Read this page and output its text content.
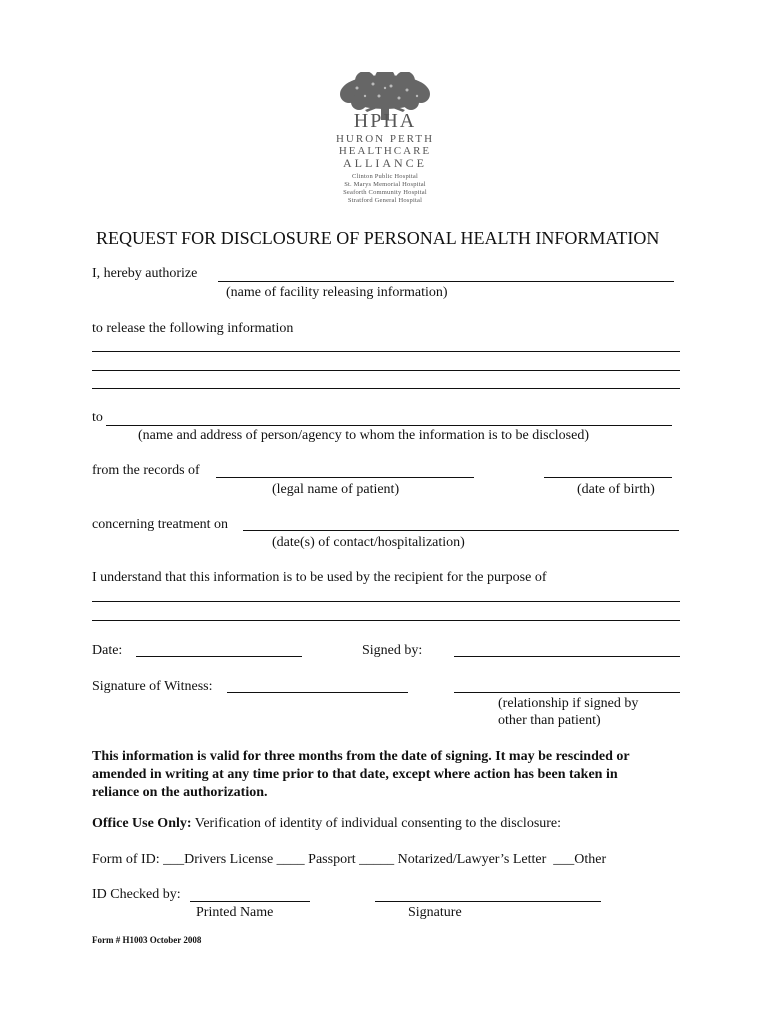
HPHA
HURON PERTH
HEALTHCARE
ALLIANCE
Clinton Public Hospital
St. Marys Memorial Hospital
Seaforth Community Hospital
Stratford General Hospital
REQUEST FOR DISCLOSURE OF PERSONAL HEALTH INFORMATION
I, hereby authorize
(name of facility releasing information)
to release the following information
to
(name and address of person/agency to whom the information is to be disclosed)
from the records of
(legal name of patient)	(date of birth)
concerning treatment on
(date(s) of contact/hospitalization)
I understand that this information is to be used by the recipient for the purpose of
Date:	Signed by:
Signature of Witness:
(relationship if signed by
other than patient)
This information is valid for three months from the date of signing. It may be rescinded or
amended in writing at any time prior to that date, except where action has been taken in
reliance on the authorization.
Office Use Only: Verification of identity of individual consenting to the disclosure:
Form of ID: ___Drivers License ____ Passport _____ Notarized/Lawyer’s Letter  ___Other
ID Checked by:
Printed Name	Signature
Form # H1003 October 2008
